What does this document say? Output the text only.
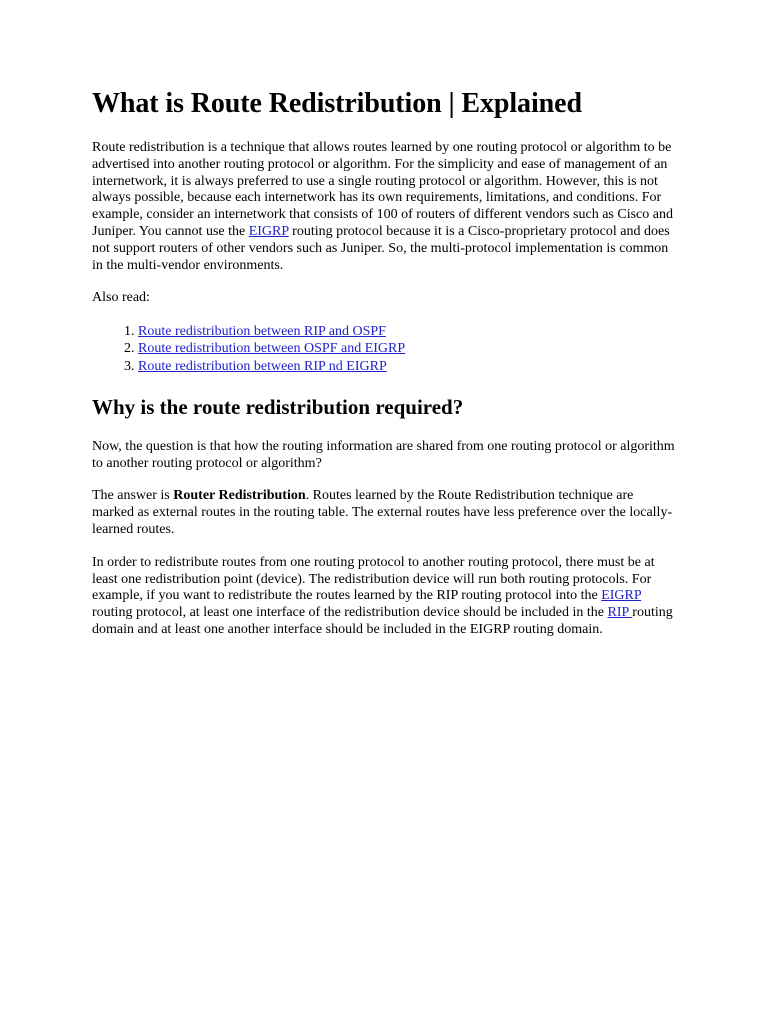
What is Route Redistribution | Explained

Route redistribution is a technique that allows routes learned by one routing protocol or algorithm to be advertised into another routing protocol or algorithm. For the simplicity and ease of management of an internetwork, it is always preferred to use a single routing protocol or algorithm. However, this is not always possible, because each internetwork has its own requirements, limitations, and conditions. For example, consider an internetwork that consists of 100 of routers of different vendors such as Cisco and Juniper. You cannot use the EIGRP routing protocol because it is a Cisco-proprietary protocol and does not support routers of other vendors such as Juniper. So, the multi-protocol implementation is common in the multi-vendor environments.

Also read:

1. Route redistribution between RIP and OSPF
2. Route redistribution between OSPF and EIGRP
3. Route redistribution between RIP nd EIGRP
Why is the route redistribution required?

Now, the question is that how the routing information are shared from one routing protocol or algorithm to another routing protocol or algorithm?

The answer is Router Redistribution. Routes learned by the Route Redistribution technique are marked as external routes in the routing table. The external routes have less preference over the locally-learned routes.

In order to redistribute routes from one routing protocol to another routing protocol, there must be at least one redistribution point (device). The redistribution device will run both routing protocols. For example, if you want to redistribute the routes learned by the RIP routing protocol into the EIGRP routing protocol, at least one interface of the redistribution device should be included in the RIP routing domain and at least one another interface should be included in the EIGRP routing domain.
